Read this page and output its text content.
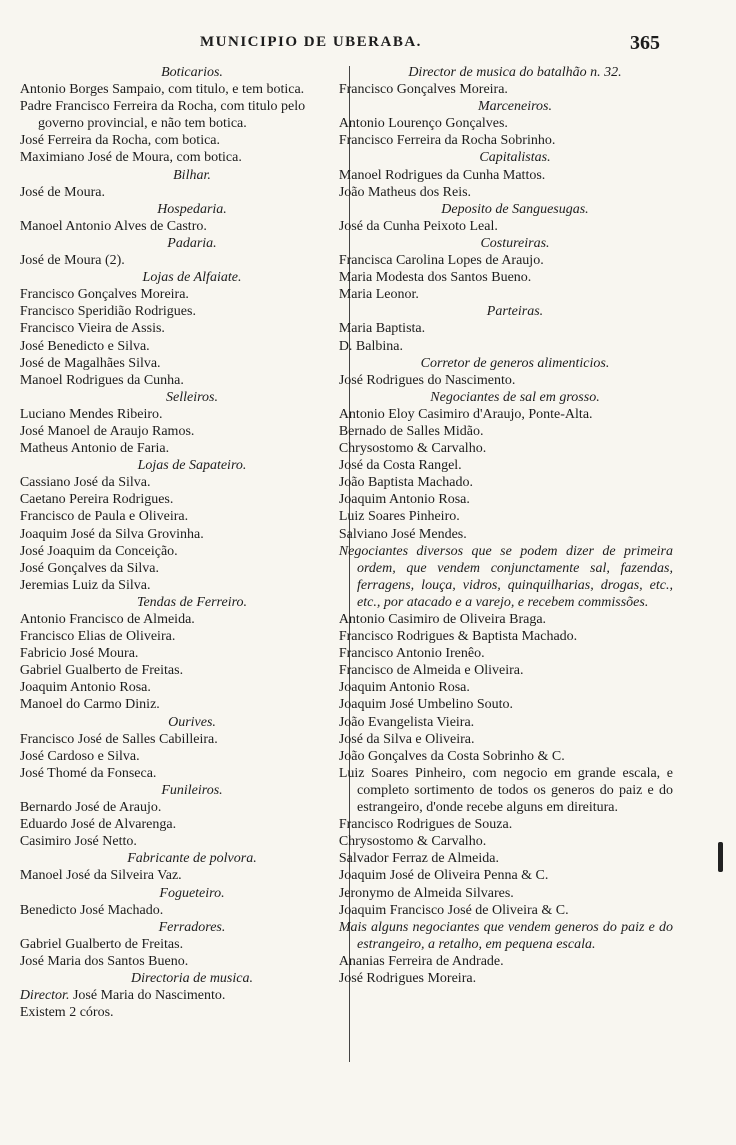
MUNICIPIO DE UBERABA.	365
Boticarios.
Antonio Borges Sampaio, com titulo, e tem botica.
Padre Francisco Ferreira da Rocha, com titulo pelo governo provincial, e não tem botica.
José Ferreira da Rocha, com botica.
Maximiano José de Moura, com botica.
Bilhar.
José de Moura.
Hospedaria.
Manoel Antonio Alves de Castro.
Padaria.
José de Moura (2).
Lojas de Alfaiate.
Francisco Gonçalves Moreira.
Francisco Speridião Rodrigues.
Francisco Vieira de Assis.
José Benedicto e Silva.
José de Magalhães Silva.
Manoel Rodrigues da Cunha.
Selleiros.
Luciano Mendes Ribeiro.
José Manoel de Araujo Ramos.
Matheus Antonio de Faria.
Lojas de Sapateiro.
Cassiano José da Silva.
Caetano Pereira Rodrigues.
Francisco de Paula e Oliveira.
Joaquim José da Silva Grovinha.
José Joaquim da Conceição.
José Gonçalves da Silva.
Jeremias Luiz da Silva.
Tendas de Ferreiro.
Antonio Francisco de Almeida.
Francisco Elias de Oliveira.
Fabricio José Moura.
Gabriel Gualberto de Freitas.
Joaquim Antonio Rosa.
Manoel do Carmo Diniz.
Ourives.
Francisco José de Salles Cabilleira.
José Cardoso e Silva.
José Thomé da Fonseca.
Funileiros.
Bernardo José de Araujo.
Eduardo José de Alvarenga.
Casimiro José Netto.
Fabricante de polvora.
Manoel José da Silveira Vaz.
Fogueteiro.
Benedicto José Machado.
Ferradores.
Gabriel Gualberto de Freitas.
José Maria dos Santos Bueno.
Directoria de musica.
Director. José Maria do Nascimento.
Existem 2 córos.
Director de musica do batalhão n. 32.
Francisco Gonçalves Moreira.
Marceneiros.
Antonio Lourenço Gonçalves.
Francisco Ferreira da Rocha Sobrinho.
Capitalistas.
Manoel Rodrigues da Cunha Mattos.
João Matheus dos Reis.
Deposito de Sanguesugas.
José da Cunha Peixoto Leal.
Costureiras.
Francisca Carolina Lopes de Araujo.
Maria Modesta dos Santos Bueno.
Maria Leonor.
Parteiras.
Maria Baptista.
D. Balbina.
Corretor de generos alimenticios.
José Rodrigues do Nascimento.
Negociantes de sal em grosso.
Antonio Eloy Casimiro d'Araujo, Ponte-Alta.
Bernado de Salles Midão.
Chrysostomo & Carvalho.
José da Costa Rangel.
João Baptista Machado.
Joaquim Antonio Rosa.
Luiz Soares Pinheiro.
Salviano José Mendes.
Negociantes diversos que se podem dizer de primeira ordem, que vendem conjunctamente sal, fazendas, ferragens, louça, vidros, quinquilharias, drogas, etc., etc., por atacado e a varejo, e recebem commissões.
Antonio Casimiro de Oliveira Braga.
Francisco Rodrigues & Baptista Machado.
Francisco Antonio Irenêo.
Francisco de Almeida e Oliveira.
Joaquim Antonio Rosa.
Joaquim José Umbelino Souto.
João Evangelista Vieira.
José da Silva e Oliveira.
João Gonçalves da Costa Sobrinho & C.
Luiz Soares Pinheiro, com negocio em grande escala, e completo sortimento de todos os generos do paiz e do estrangeiro, d'onde recebe alguns em direitura.
Francisco Rodrigues de Souza.
Chrysostomo & Carvalho.
Salvador Ferraz de Almeida.
Joaquim José de Oliveira Penna & C.
Jeronymo de Almeida Silvares.
Joaquim Francisco José de Oliveira & C.
Mais alguns negociantes que vendem generos do paiz e do estrangeiro, a retalho, em pequena escala.
Ananias Ferreira de Andrade.
José Rodrigues Moreira.
